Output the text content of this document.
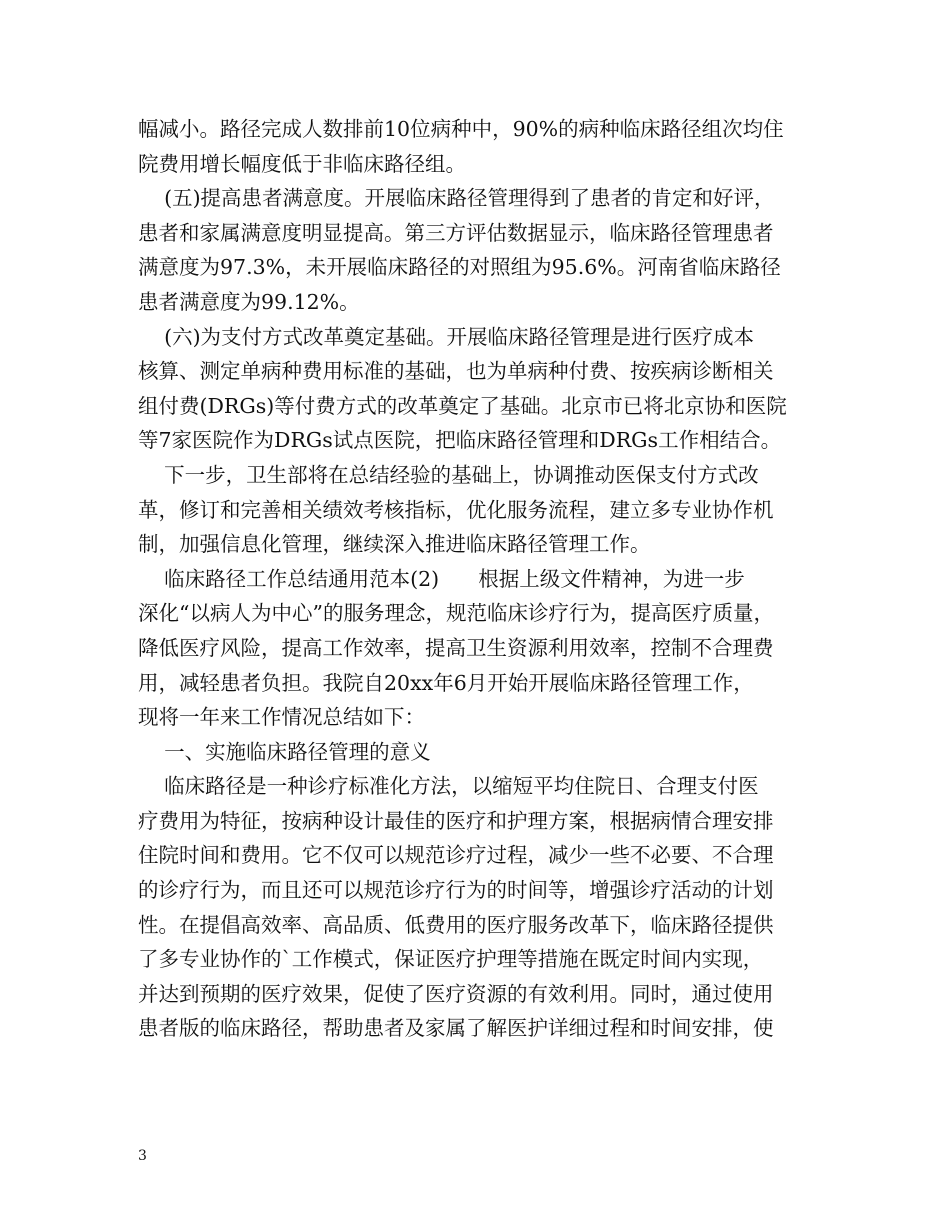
幅减小。路径完成人数排前10位病种中，90%的病种临床路径组次均住
院费用增长幅度低于非临床路径组。
(五)提高患者满意度。开展临床路径管理得到了患者的肯定和好评，
患者和家属满意度明显提高。第三方评估数据显示，临床路径管理患者
满意度为97.3%，未开展临床路径的对照组为95.6%。河南省临床路径
患者满意度为99.12%。
(六)为支付方式改革奠定基础。开展临床路径管理是进行医疗成本
核算、测定单病种费用标准的基础，也为单病种付费、按疾病诊断相关
组付费(DRGs)等付费方式的改革奠定了基础。北京市已将北京协和医院
等7家医院作为DRGs试点医院，把临床路径管理和DRGs工作相结合。
下一步，卫生部将在总结经验的基础上，协调推动医保支付方式改
革，修订和完善相关绩效考核指标，优化服务流程，建立多专业协作机
制，加强信息化管理，继续深入推进临床路径管理工作。
临床路径工作总结通用范本(2)      根据上级文件精神，为进一步
深化“以病人为中心”的服务理念，规范临床诊疗行为，提高医疗质量，
降低医疗风险，提高工作效率，提高卫生资源利用效率，控制不合理费
用，减轻患者负担。我院自20xx年6月开始开展临床路径管理工作，
现将一年来工作情况总结如下：
一、实施临床路径管理的意义
临床路径是一种诊疗标准化方法，以缩短平均住院日、合理支付医
疗费用为特征，按病种设计最佳的医疗和护理方案，根据病情合理安排
住院时间和费用。它不仅可以规范诊疗过程，减少一些不必要、不合理
的诊疗行为，而且还可以规范诊疗行为的时间等，增强诊疗活动的计划
性。在提倡高效率、高品质、低费用的医疗服务改革下，临床路径提供
了多专业协作的`工作模式，保证医疗护理等措施在既定时间内实现，
并达到预期的医疗效果，促使了医疗资源的有效利用。同时，通过使用
患者版的临床路径，帮助患者及家属了解医护详细过程和时间安排，使
3
